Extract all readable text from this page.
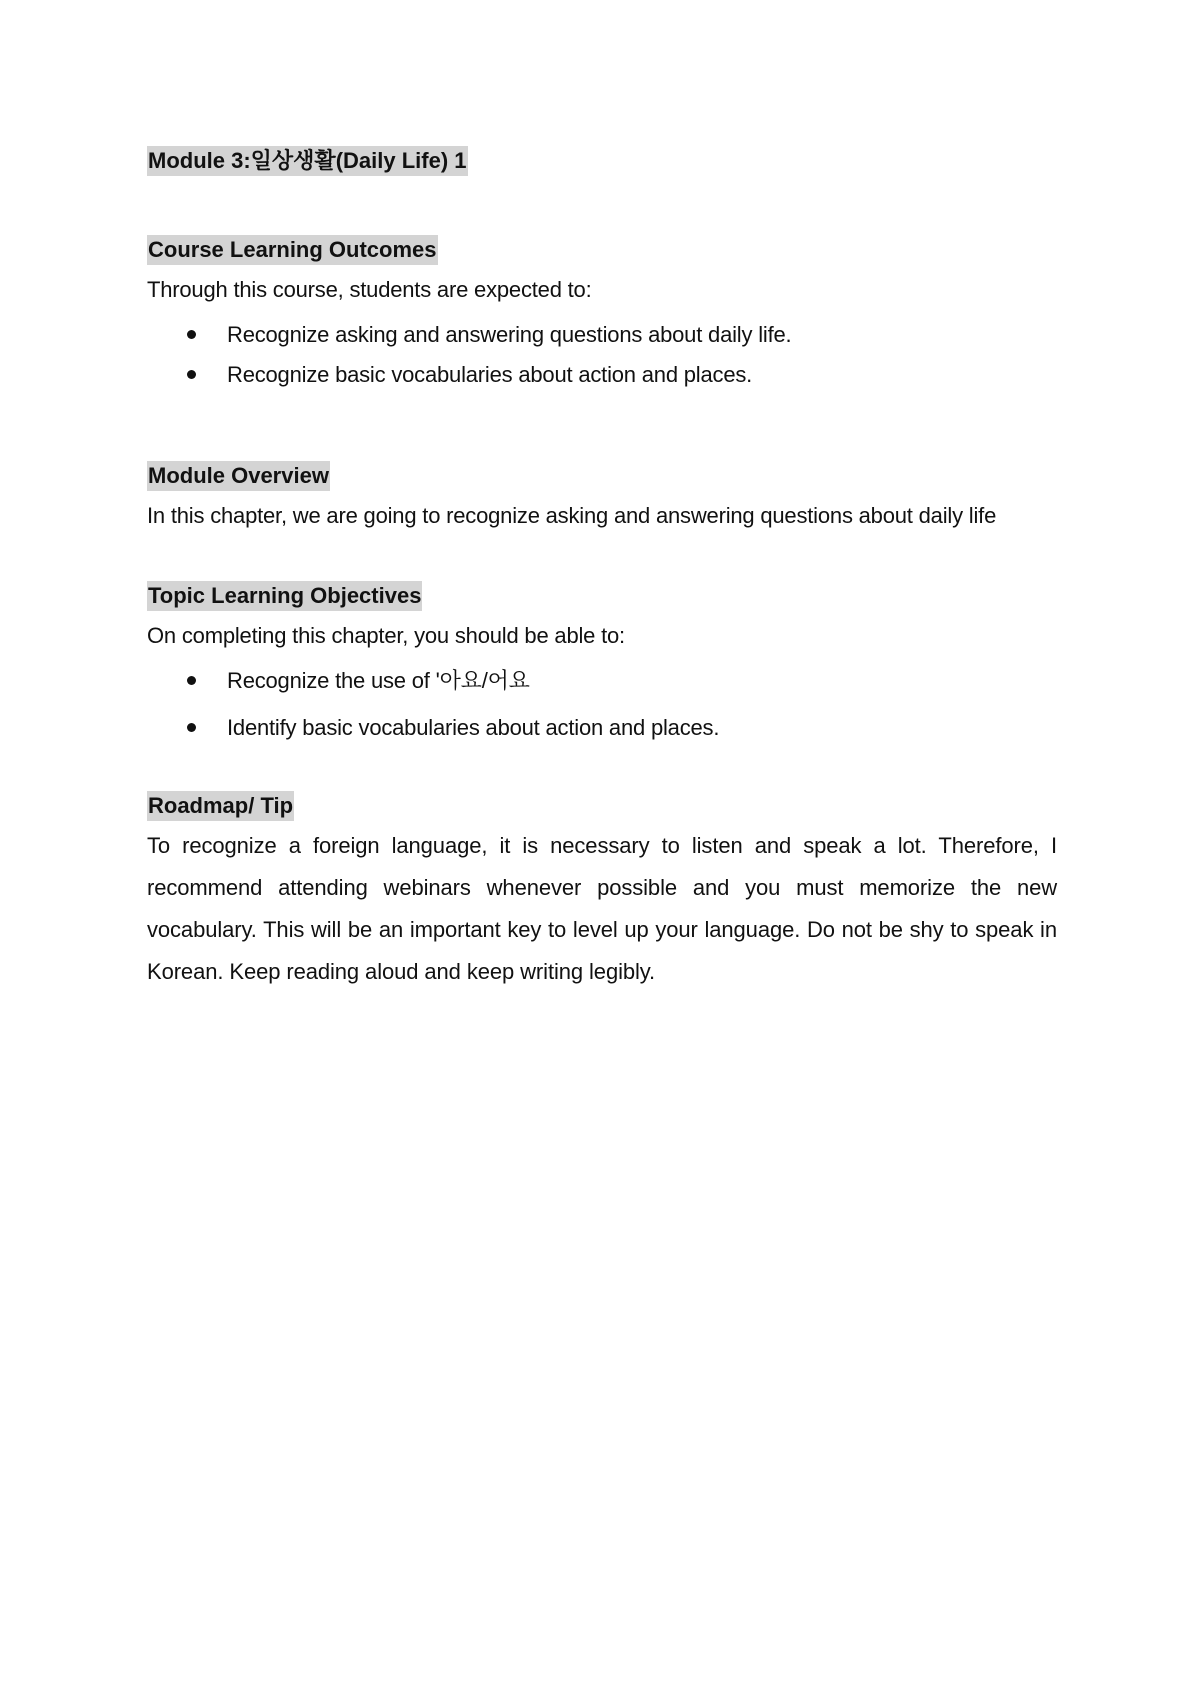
Module 3:일상생활(Daily Life) 1
Course Learning Outcomes

Through this course, students are expected to:

Recognize asking and answering questions about daily life.
Recognize basic vocabularies about action and places.
Module Overview

In this chapter, we are going to recognize asking and answering questions about daily life

Topic Learning Objectives

On completing this chapter, you should be able to:

Recognize the use of '아요/어요
Identify basic vocabularies about action and places.
Roadmap/ Tip

To recognize a foreign language, it is necessary to listen and speak a lot. Therefore, I recommend attending webinars whenever possible and you must memorize the new vocabulary. This will be an important key to level up your language. Do not be shy to speak in Korean. Keep reading aloud and keep writing legibly.
